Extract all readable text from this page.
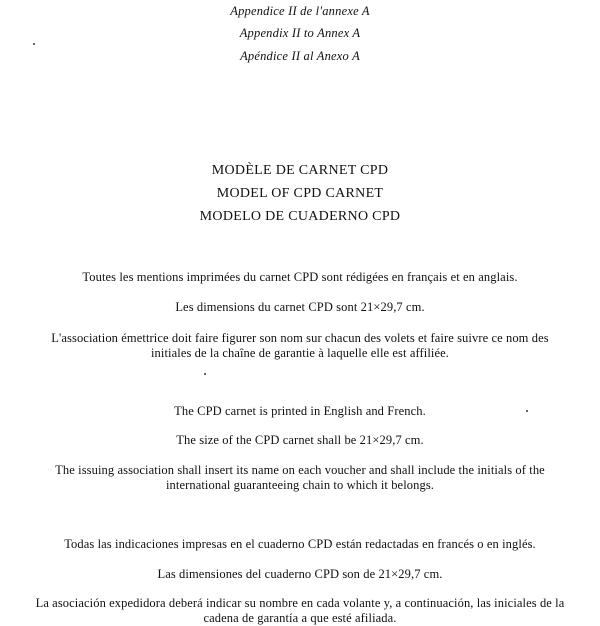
Appendice II de l'annexe A
Appendix II to Annex A
Apéndice II al Anexo A
MODÈLE DE CARNET CPD
MODEL OF CPD CARNET
MODELO DE CUADERNO CPD
Toutes les mentions imprimées du carnet CPD sont rédigées en français et en anglais.
Les dimensions du carnet CPD sont 21×29,7 cm.
L'association émettrice doit faire figurer son nom sur chacun des volets et faire suivre ce nom des
initiales de la chaîne de garantie à laquelle elle est affiliée.
The CPD carnet is printed in English and French.
The size of the CPD carnet shall be 21×29,7 cm.
The issuing association shall insert its name on each voucher and shall include the initials of the
international guaranteeing chain to which it belongs.
Todas las indicaciones impresas en el cuaderno CPD están redactadas en francés o en inglés.
Las dimensiones del cuaderno CPD son de 21×29,7 cm.
La asociación expedidora deberá indicar su nombre en cada volante y, a continuación, las iniciales de la
cadena de garantía a que esté afiliada.
